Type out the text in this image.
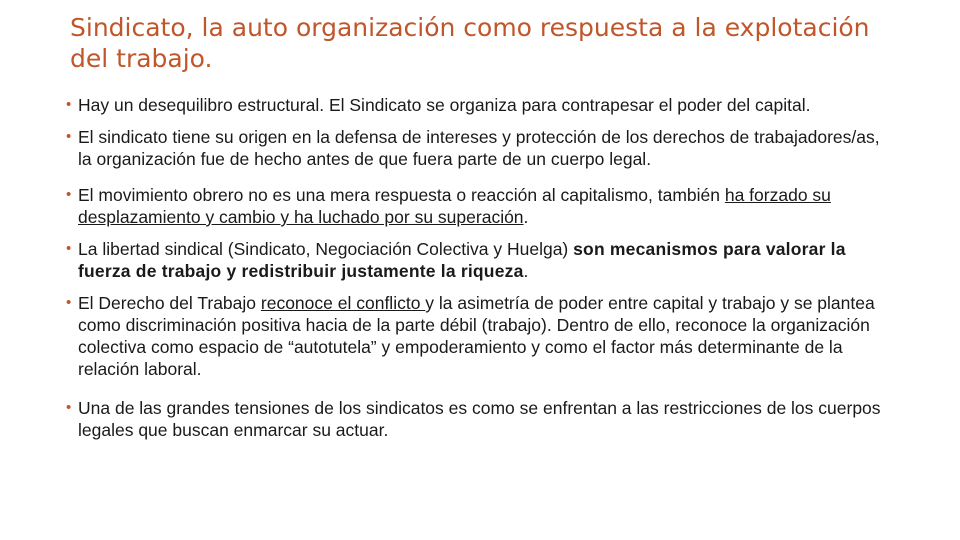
Sindicato, la auto organización como respuesta a la explotación del trabajo.
• Hay un desequilibro estructural. El Sindicato se organiza para contrapesar el poder del capital.
• El sindicato tiene su origen en la defensa de intereses y protección de los derechos de trabajadores/as, la organización fue de hecho antes de que fuera parte de un cuerpo legal.
• El movimiento obrero no es una mera respuesta o reacción al capitalismo, también ha forzado su desplazamiento y cambio y ha luchado por su superación.
• La libertad sindical (Sindicato, Negociación Colectiva y Huelga) son mecanismos para valorar la fuerza de trabajo y redistribuir justamente la riqueza.
• El Derecho del Trabajo reconoce el conflicto y la asimetría de poder entre capital y trabajo y se plantea como discriminación positiva hacia de la parte débil (trabajo). Dentro de ello, reconoce la organización colectiva como espacio de “autotutela” y empoderamiento y como el factor más determinante de la relación laboral.
• Una de las grandes tensiones de los sindicatos es como se enfrentan a las restricciones de los cuerpos legales que buscan enmarcar su actuar.
